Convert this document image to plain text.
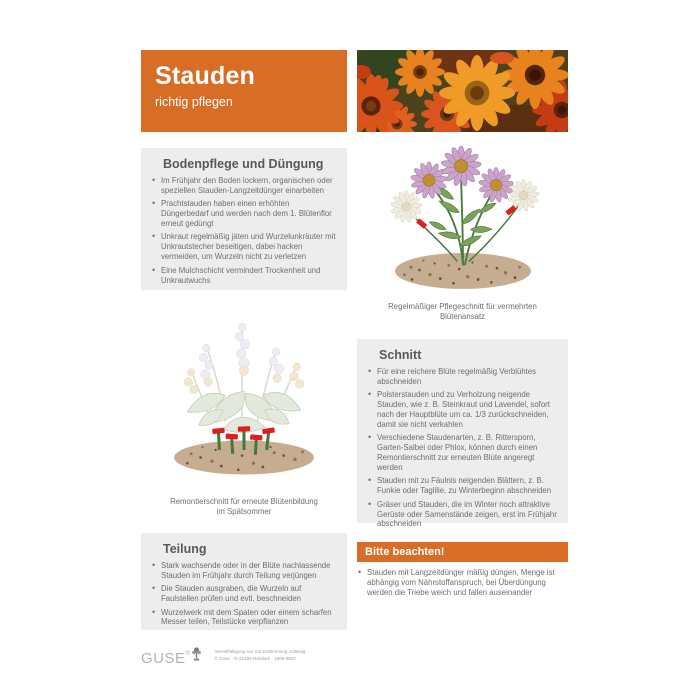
Stauden
richtig pflegen
Bodenpflege und Düngung
• Im Frühjahr den Boden lockern, organischen oder speziellen Stauden-Langzeitdünger einarbeiten
• Prachtstauden haben einen erhöhten Düngerbedarf und werden nach dem 1. Blütenflor erneut gedüngt
• Unkraut regelmäßig jäten und Wurzelunkräuter mit Unkrautstecher beseitigen, dabei hacken vermeiden, um Wurzeln nicht zu verletzen
• Eine Mulchschicht vermindert Trockenheit und Unkrautwuchs
Regelmäßiger Pflegeschnitt für vermehrten Blütenansatz
Remontierschnitt für erneute Blütenbildung im Spätsommer
Schnitt
• Für eine reichere Blüte regelmäßig Verblühtes abschneiden
• Polsterstauden und zu Verholzung neigende Stauden, wie z. B. Steinkraut und Lavendel, sofort nach der Hauptblüte um ca. 1/3 zurückschneiden, damit sie nicht verkahlen
• Verschiedene Staudenarten, z. B. Rittersporn, Garten-Salbei oder Phlox, können durch einen Remontierschnitt zur erneuten Blüte angeregt werden
• Stauden mit zu Fäulnis neigenden Blättern, z. B. Funkie oder Taglilie, zu Winterbeginn abschneiden
• Gräser und Stauden, die im Winter noch attraktive Gerüste oder Samenstände zeigen, erst im Frühjahr abschneiden
Teilung
• Stark wachsende oder in der Blüte nachlassende Stauden im Frühjahr durch Teilung verjüngen
• Die Stauden ausgraben, die Wurzeln auf Faulstellen prüfen und evtl. beschneiden
• Wurzelwerk mit dem Spaten oder einem scharfen Messer teilen, Teilstücke verpflanzen
Bitte beachten!
• Stauden mit Langzeitdünger mäßig düngen, Menge ist abhängig vom Nährstoffanspruch, bei Überdüngung werden die Triebe weich und fallen auseinander
GUSE®	Vervielfältigung nur mit Zustimmung zulässig
© Guse · D-21465 Reinbek · 1908-9507
